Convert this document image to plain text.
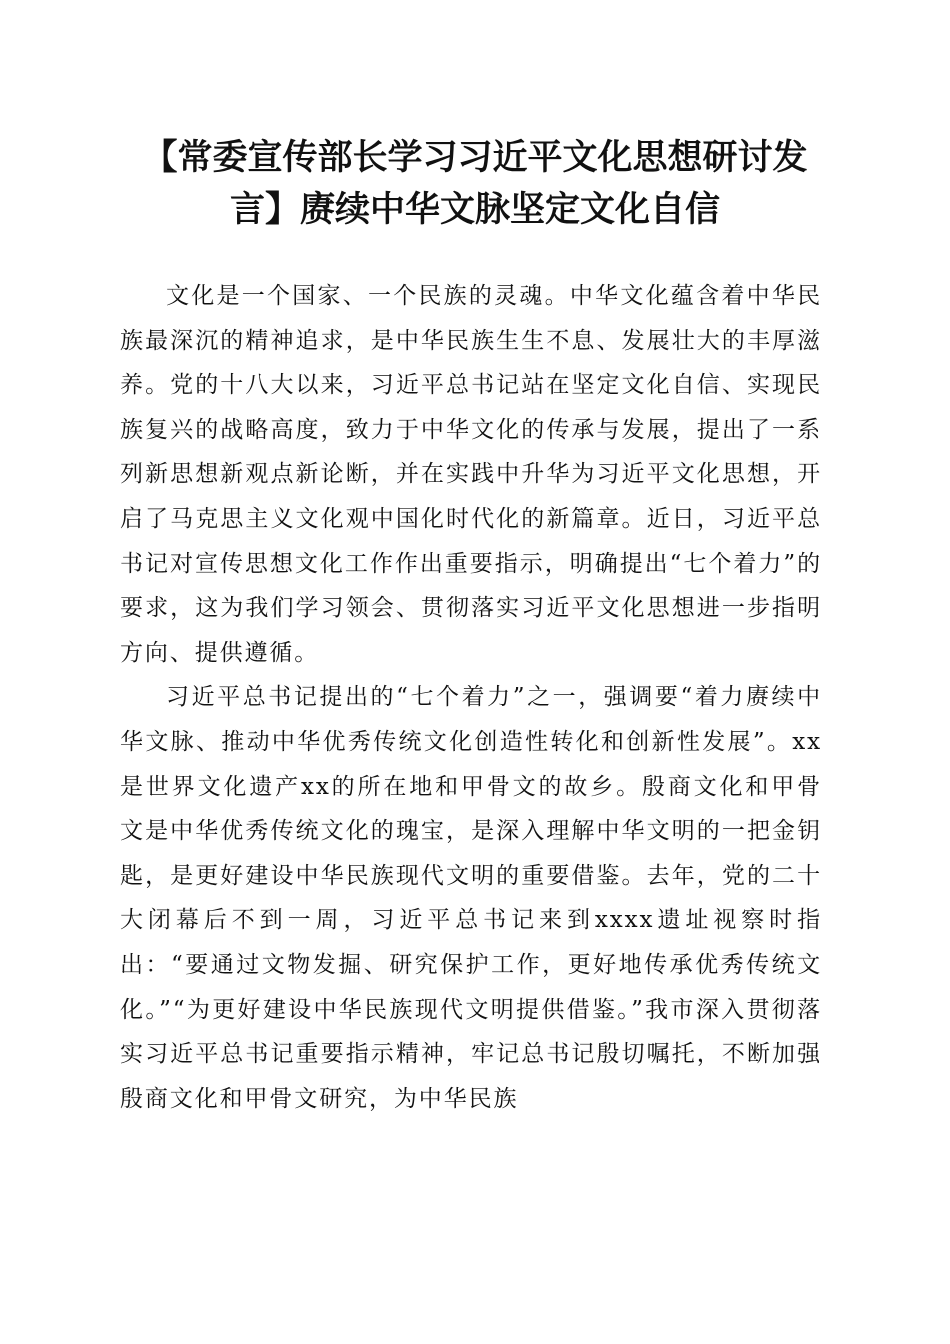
【常委宣传部长学习习近平文化思想研讨发言】赓续中华文脉坚定文化自信

文化是一个国家、一个民族的灵魂。中华文化蕴含着中华民族最深沉的精神追求，是中华民族生生不息、发展壮大的丰厚滋养。党的十八大以来，习近平总书记站在坚定文化自信、实现民族复兴的战略高度，致力于中华文化的传承与发展，提出了一系列新思想新观点新论断，并在实践中升华为习近平文化思想，开启了马克思主义文化观中国化时代化的新篇章。近日，习近平总书记对宣传思想文化工作作出重要指示，明确提出“七个着力”的要求，这为我们学习领会、贯彻落实习近平文化思想进一步指明方向、提供遵循。

习近平总书记提出的“七个着力”之一，强调要“着力赓续中华文脉、推动中华优秀传统文化创造性转化和创新性发展”。xx是世界文化遗产xx的所在地和甲骨文的故乡。殷商文化和甲骨文是中华优秀传统文化的瑰宝，是深入理解中华文明的一把金钥匙，是更好建设中华民族现代文明的重要借鉴。去年，党的二十大闭幕后不到一周，习近平总书记来到xxxx遗址视察时指出：“要通过文物发掘、研究保护工作，更好地传承优秀传统文化。”“为更好建设中华民族现代文明提供借鉴。”我市深入贯彻落实习近平总书记重要指示精神，牢记总书记殷切嘱托，不断加强殷商文化和甲骨文研究，为中华民族
